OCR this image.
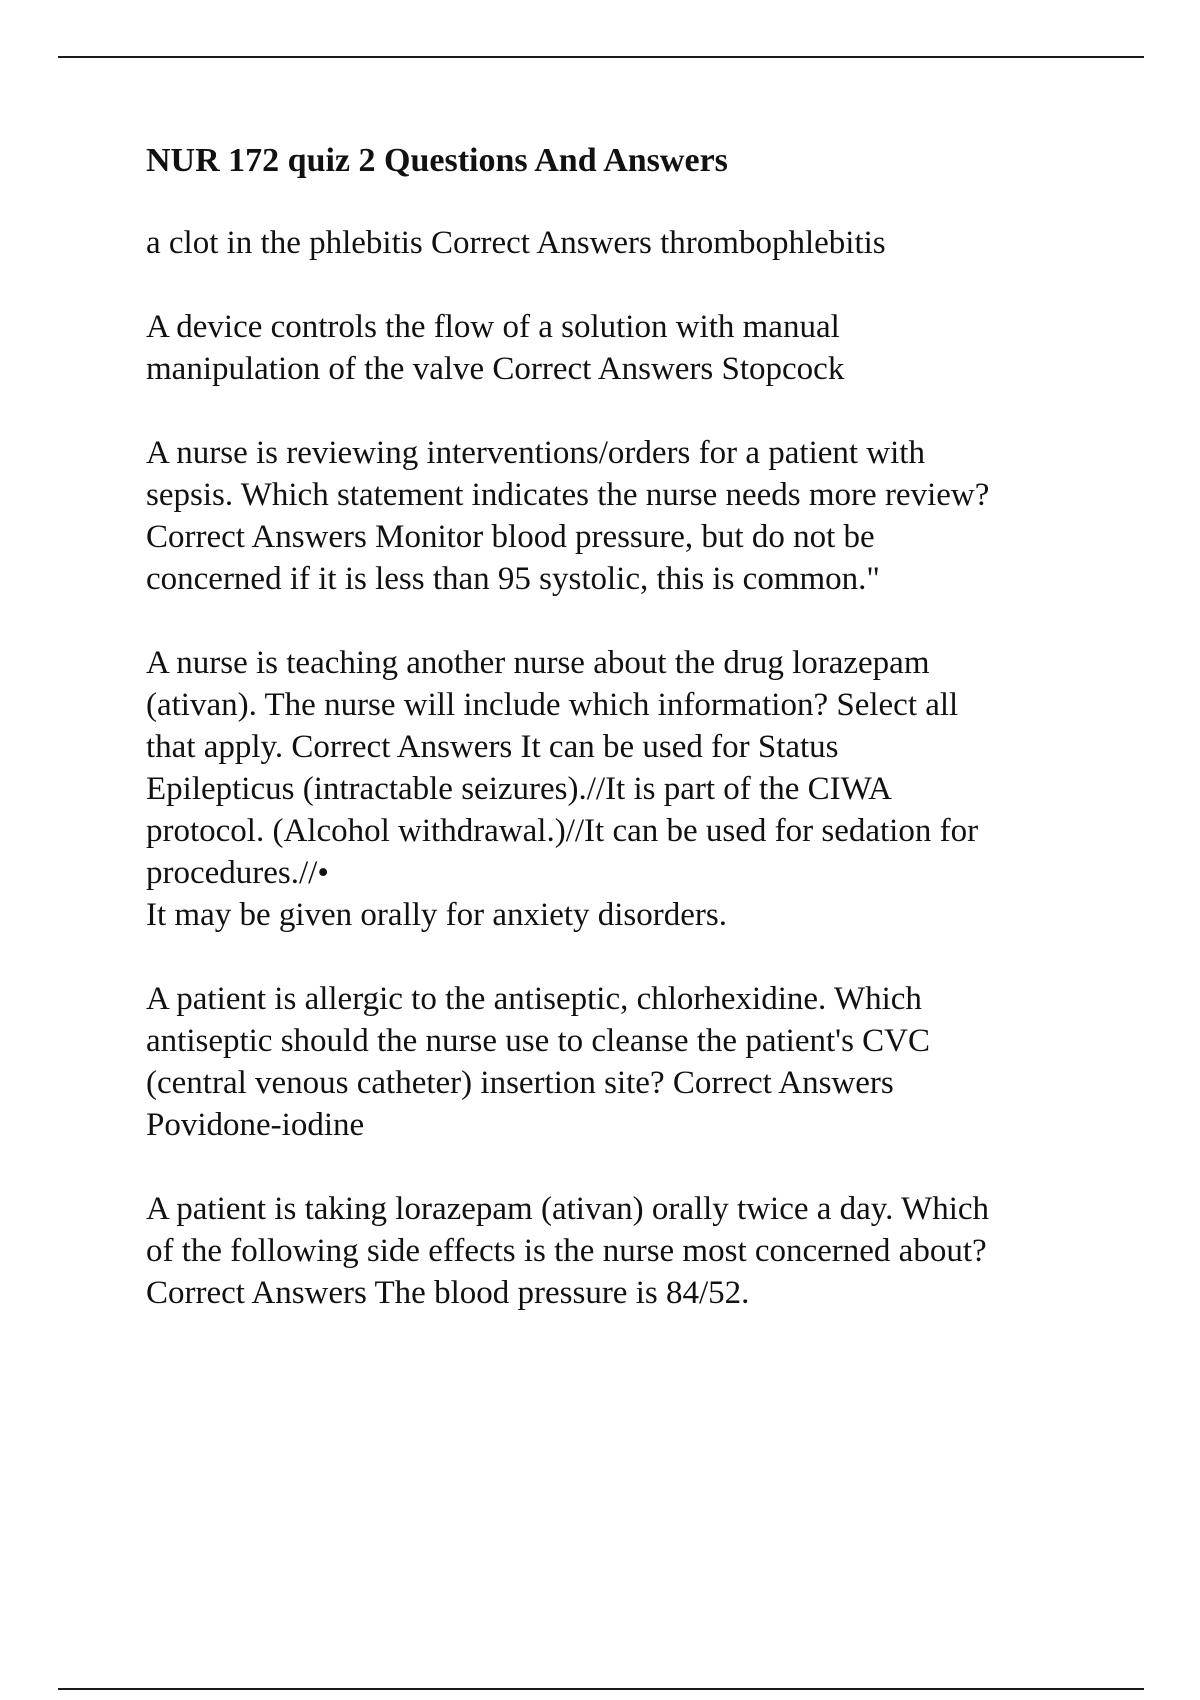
NUR 172 quiz 2 Questions And Answers
a clot in the phlebitis Correct Answers thrombophlebitis
A device controls the flow of a solution with manual
manipulation of the valve Correct Answers Stopcock
A nurse is reviewing interventions/orders for a patient with
sepsis. Which statement indicates the nurse needs more review?
Correct Answers Monitor blood pressure, but do not be
concerned if it is less than 95 systolic, this is common."
A nurse is teaching another nurse about the drug lorazepam
(ativan). The nurse will include which information? Select all
that apply. Correct Answers It can be used for Status
Epilepticus (intractable seizures).//It is part of the CIWA
protocol. (Alcohol withdrawal.)//It can be used for sedation for
procedures.//•
It may be given orally for anxiety disorders.
A patient is allergic to the antiseptic, chlorhexidine. Which
antiseptic should the nurse use to cleanse the patient's CVC
(central venous catheter) insertion site? Correct Answers
Povidone-iodine
A patient is taking lorazepam (ativan) orally twice a day. Which
of the following side effects is the nurse most concerned about?
Correct Answers The blood pressure is 84/52.
